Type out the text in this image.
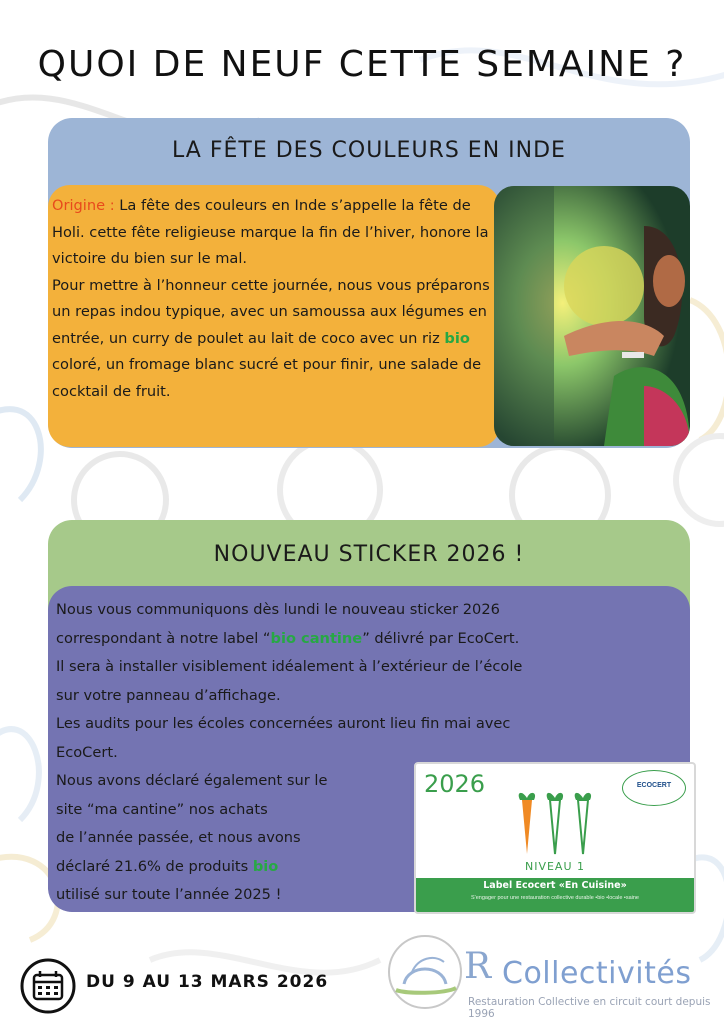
QUOI DE NEUF CETTE SEMAINE ?
LA FÊTE DES COULEURS EN INDE
Origine : La fête des couleurs en Inde s’appelle la fête de Holi. cette fête religieuse marque la fin de l’hiver, honore la victoire du bien sur le mal.
Pour mettre à l’honneur cette journée, nous vous préparons un repas indou typique, avec un samoussa aux légumes en entrée, un curry de poulet au lait de coco avec un riz bio coloré, un fromage blanc sucré et pour finir, une salade de cocktail de fruit.
NOUVEAU STICKER 2026 !
Nous vous communiquons dès lundi le nouveau sticker 2026
correspondant à notre label “bio cantine” délivré par EcoCert.
Il sera à installer visiblement idéalement à l’extérieur de l’école
sur votre panneau d’affichage.
Les audits pour les écoles concernées auront lieu fin mai avec
EcoCert.
Nous avons déclaré également sur le
site “ma cantine” nos achats
de l’année passée, et nous avons
déclaré 21.6% de produits bio
utilisé sur toute l’année 2025 !
2026	ECOCERT
NIVEAU 1
Label Ecocert «En Cuisine»
S'engager pour une restauration collective durable •bio •locale •saine
DU 9 AU 13 MARS 2026	R Collectivités
Restauration Collective en circuit court depuis 1996
